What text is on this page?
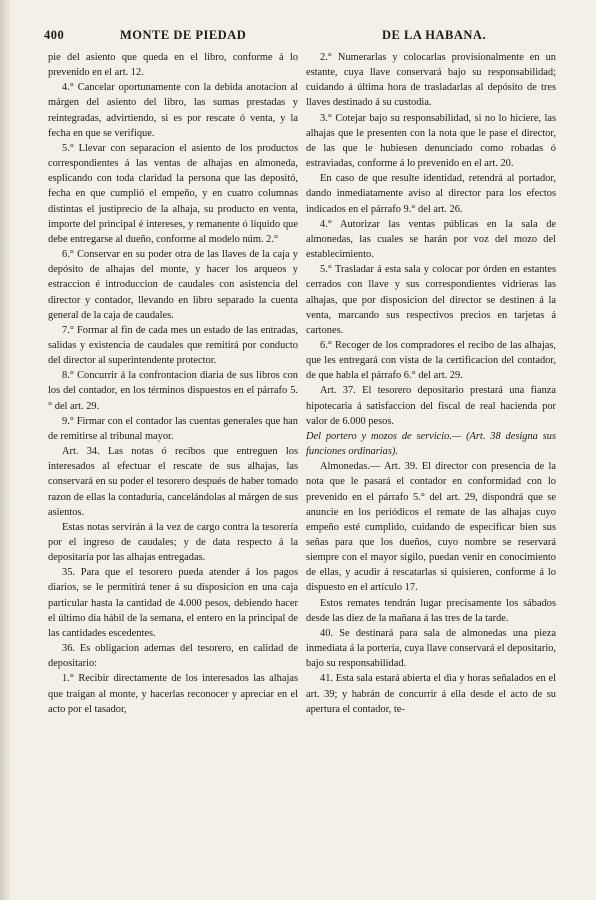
400	MONTE DE PIEDAD	DE LA HABANA.

pie del asiento que queda en el libro, conforme á lo prevenido en el art. 12.

4.° Cancelar oportunamente con la debida anotacion al márgen del asiento del libro, las sumas prestadas y reintegradas, advirtiendo, si es por rescate ó venta, y la fecha en que se verifique.

5.° Llevar con separacion el asiento de los productos correspondientes á las ventas de alhajas en almoneda, esplicando con toda claridad la persona que las depositó, fecha en que cumplió el empeño, y en cuatro columnas distintas el justiprecio de la alhaja, su producto en venta, importe del principal é intereses, y remanente ó líquido que debe entregarse al dueño, conforme al modelo núm. 2.°

6.° Conservar en su poder otra de las llaves de la caja y depósito de alhajas del monte, y hacer los arqueos y estraccion é introduccion de caudales con asistencia del director y contador, llevando en libro separado la cuenta general de la caja de caudales.

7.° Formar al fin de cada mes un estado de las entradas, salidas y existencia de caudales que remitirá por conducto del director al superintendente protector.

8.° Concurrir á la confrontacion diaria de sus libros con los del contador, en los términos dispuestos en el párrafo 5.° del art. 29.

9.° Firmar con el contador las cuentas generales que han de remitirse al tribunal mayor.

Art. 34. Las notas ó recibos que entreguen los interesados al efectuar el rescate de sus alhajas, las conservará en su poder el tesorero después de haber tomado razon de ellas la contaduría, cancelándolas al márgen de sus asientos.

Estas notas servirán á la vez de cargo contra la tesorería por el ingreso de caudales; y de data respecto á la depositaría por las alhajas entregadas.

35. Para que el tesorero pueda atender á los pagos diarios, se le permitirá tener á su disposicion en una caja particular hasta la cantidad de 4.000 pesos, debiendo hacer el último dia hábil de la semana, el entero en la principal de las cantidades escedentes.

36. Es obligacion ademas del tesorero, en calidad de depositario:

1.° Recibir directamente de los interesados las alhajas que traigan al monte, y hacerlas reconocer y apreciar en el acto por el tasador,

2.° Numerarlas y colocarlas provisionalmente en un estante, cuya llave conservará bajo su responsabilidad; cuidando á última hora de trasladarlas al depósito de tres llaves destinado á su custodia.

3.° Cotejar bajo su responsabilidad, si no lo hiciere, las alhajas que le presenten con la nota que le pase el director, de las que le hubiesen denunciado como robadas ó estraviadas, conforme á lo prevenido en el art. 20.

En caso de que resulte identidad, retendrá al portador, dando inmediatamente aviso al director para los efectos indicados en el párrafo 9.° del art. 26.

4.° Autorizar las ventas públicas en la sala de almonedas, las cuales se harán por voz del mozo del establecimiento.

5.° Trasladar á esta sala y colocar por órden en estantes cerrados con llave y sus correspondientes vidrieras las alhajas, que por disposicion del director se destinen á la venta, marcando sus respectivos precios en tarjetas á cartones.

6.° Recoger de los compradores el recibo de las alhajas, que les entregará con vista de la certificacion del contador, de que habla el párrafo 6.° del art. 29.

Art. 37. El tesorero depositario prestará una fianza hipotecaria á satisfaccion del fiscal de real hacienda por valor de 6.000 pesos.

Del portero y mozos de servicio.— (Art. 38 designa sus funciones ordinarias).

Almonedas.— Art. 39. El director con presencia de la nota que le pasará el contador en conformidad con lo prevenido en el párrafo 5.° del art. 29, dispondrá que se anuncie en los periódicos el remate de las alhajas cuyo empeño esté cumplido, cuidando de especificar bien sus señas para que los dueños, cuyo nombre se reservará siempre con el mayor sigilo, puedan venir en conocimiento de ellas, y acudir á rescatarlas si quisieren, conforme á lo dispuesto en el artículo 17.

Estos remates tendrán lugar precisamente los sábados desde las diez de la mañana á las tres de la tarde.

40. Se destinará para sala de almonedas una pieza inmediata á la portería, cuya llave conservará el depositario, bajo su responsabilidad.

41. Esta sala estará abierta el dia y horas señalados en el art. 39; y habrán de concurrir á ella desde el acto de su apertura el contador, te-
